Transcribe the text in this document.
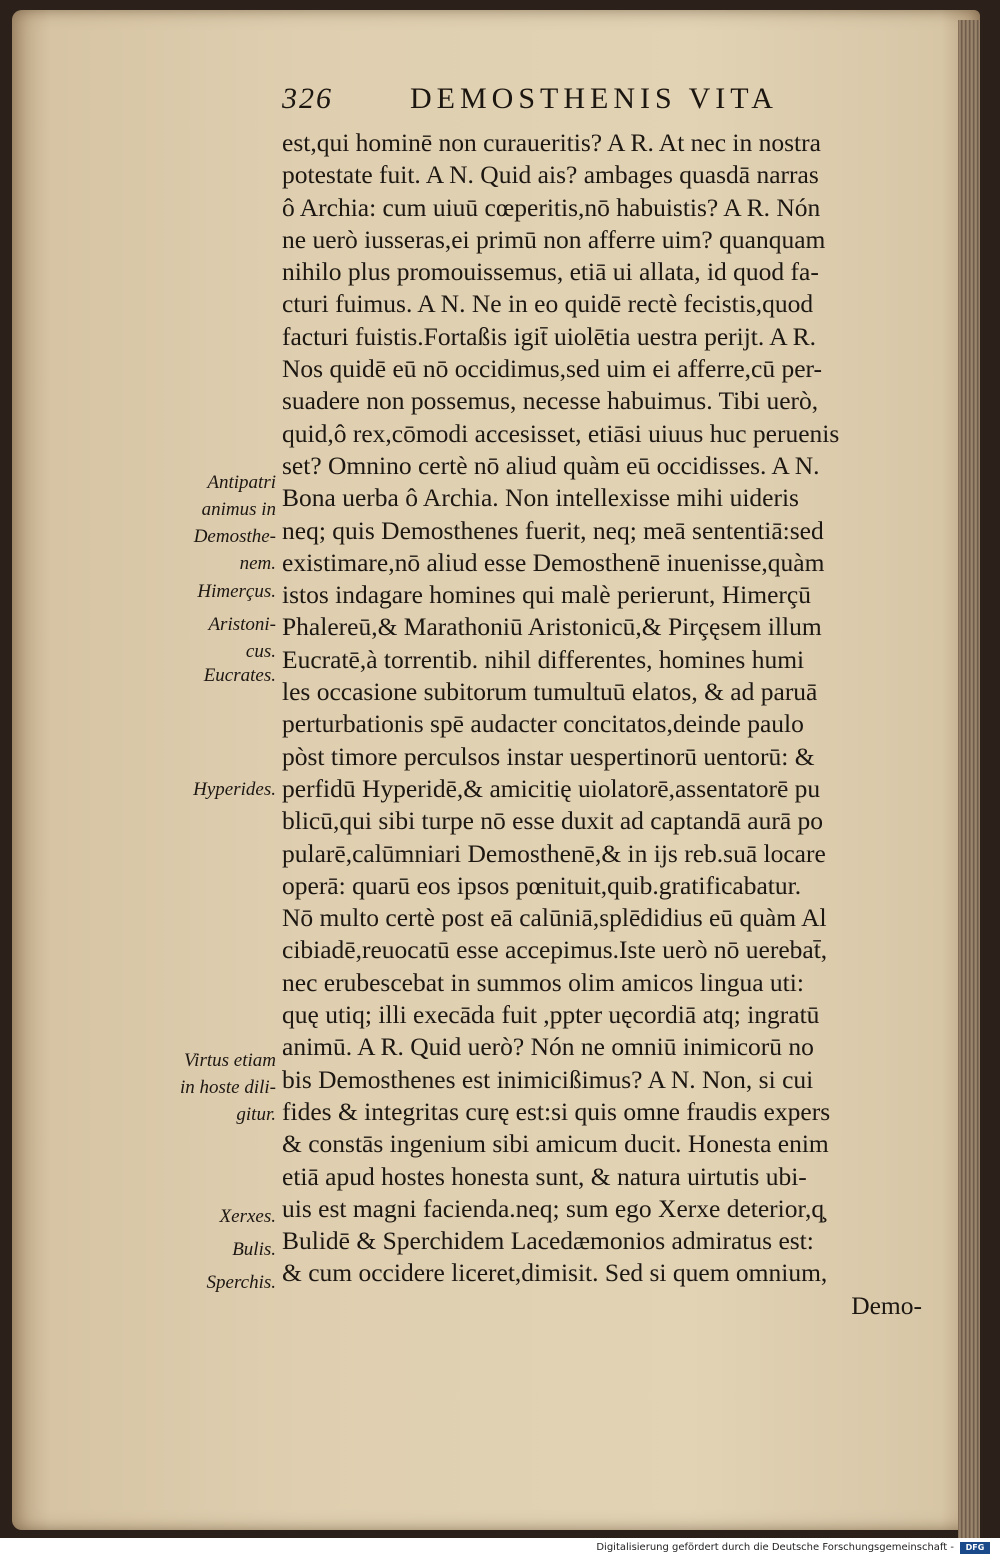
326	DEMOSTHENIS VITA
est,qui hominē non curaueritis? A R. At nec in nostra
potestate fuit. A N. Quid ais? ambages quasdā narras
ô Archia: cum uiuū cœperitis,nō habuistis? A R. Nón
ne uerò iusseras,ei primū non afferre uim? quanquam
nihilo plus promouissemus, etiā ui allata, id quod fa-
cturi fuimus. A N. Ne in eo quidē rectè fecistis,quod
facturi fuistis.Fortaßis igit̄ uiolētia uestra perijt. A R.
Nos quidē eū nō occidimus,sed uim ei afferre,cū per-
suadere non possemus, necesse habuimus. Tibi uerò,
quid,ô rex,cōmodi accesisset, etiāsi uiuus huc peruenis
set? Omnino certè nō aliud quàm eū occidisses. A N.
Bona uerba ô Archia. Non intellexisse mihi uideris
neq; quis Demosthenes fuerit, neq; meā sententiā:sed
existimare,nō aliud esse Demosthenē inuenisse,quàm
istos indagare homines qui malè perierunt, Himerçū
Phalereū,& Marathoniū Aristonicū,& Pirçęsem illum
Eucratē,à torrentib. nihil differentes, homines humi
les occasione subitorum tumultuū elatos, & ad paruā
perturbationis spē audacter concitatos,deinde paulo
pòst timore perculsos instar uespertinorū uentorū: &
perfidū Hyperidē,& amicitię uiolatorē,assentatorē pu
blicū,qui sibi turpe nō esse duxit ad captandā aurā po
pularē,calūmniari Demosthenē,& in ijs reb.suā locare
operā: quarū eos ipsos pœnituit,quib.gratificabatur.
Nō multo certè post eā calūniā,splēdidius eū quàm Al
cibiadē,reuocatū esse accepimus.Iste uerò nō uerebat̄,
nec erubescebat in summos olim amicos lingua uti:
quę utiq; illi execāda fuit ,ppter uęcordiā atq; ingratū
animū. A R. Quid uerò? Nón ne omniū inimicorū no
bis Demosthenes est inimicißimus? A N. Non, si cui
fides & integritas curę est:si quis omne fraudis expers
& constās ingenium sibi amicum ducit. Honesta enim
etiā apud hostes honesta sunt, & natura uirtutis ubi-
uis est magni facienda.neq; sum ego Xerxe deterior,q̧
Bulidē & Sperchidem Lacedæmonios admiratus est:
& cum occidere liceret,dimisit. Sed si quem omnium,
Demo-
Antipatri
animus in
Demosthe-
nem.
Himerçus.
Aristoni-
cus.
Eucrates.
Hyperides.
Virtus etiam
in hoste dili-
gitur.
Xerxes.
Bulis.
Sperchis.
Digitalisierung gefördert durch die Deutsche Forschungsgemeinschaft -	DFG
